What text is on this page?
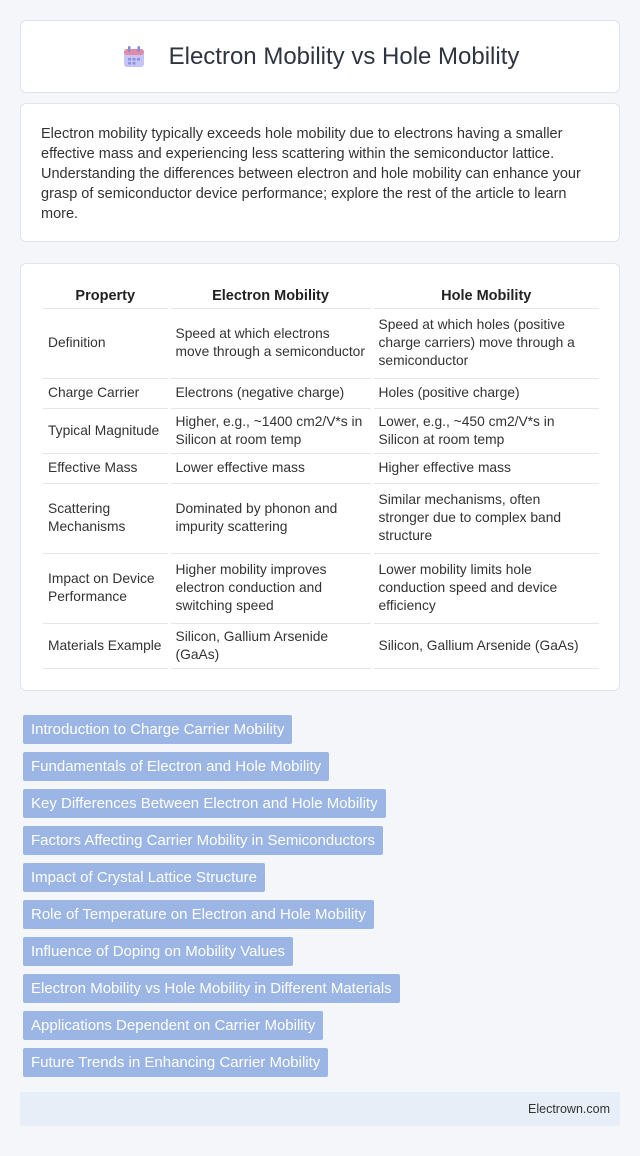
Electron Mobility vs Hole Mobility

Electron mobility typically exceeds hole mobility due to electrons having a smaller effective mass and experiencing less scattering within the semiconductor lattice. Understanding the differences between electron and hole mobility can enhance your grasp of semiconductor device performance; explore the rest of the article to learn more.

Property	Electron Mobility	Hole Mobility
Definition	Speed at which electrons move through a semiconductor	Speed at which holes (positive charge carriers) move through a semiconductor
Charge Carrier	Electrons (negative charge)	Holes (positive charge)
Typical Magnitude	Higher, e.g., ~1400 cm2/V*s in Silicon at room temp	Lower, e.g., ~450 cm2/V*s in Silicon at room temp
Effective Mass	Lower effective mass	Higher effective mass
Scattering Mechanisms	Dominated by phonon and impurity scattering	Similar mechanisms, often stronger due to complex band structure
Impact on Device Performance	Higher mobility improves electron conduction and switching speed	Lower mobility limits hole conduction speed and device efficiency
Materials Example	Silicon, Gallium Arsenide (GaAs)	Silicon, Gallium Arsenide (GaAs)
Introduction to Charge Carrier Mobility
Fundamentals of Electron and Hole Mobility
Key Differences Between Electron and Hole Mobility
Factors Affecting Carrier Mobility in Semiconductors
Impact of Crystal Lattice Structure
Role of Temperature on Electron and Hole Mobility
Influence of Doping on Mobility Values
Electron Mobility vs Hole Mobility in Different Materials
Applications Dependent on Carrier Mobility
Future Trends in Enhancing Carrier Mobility
Electrown.com
